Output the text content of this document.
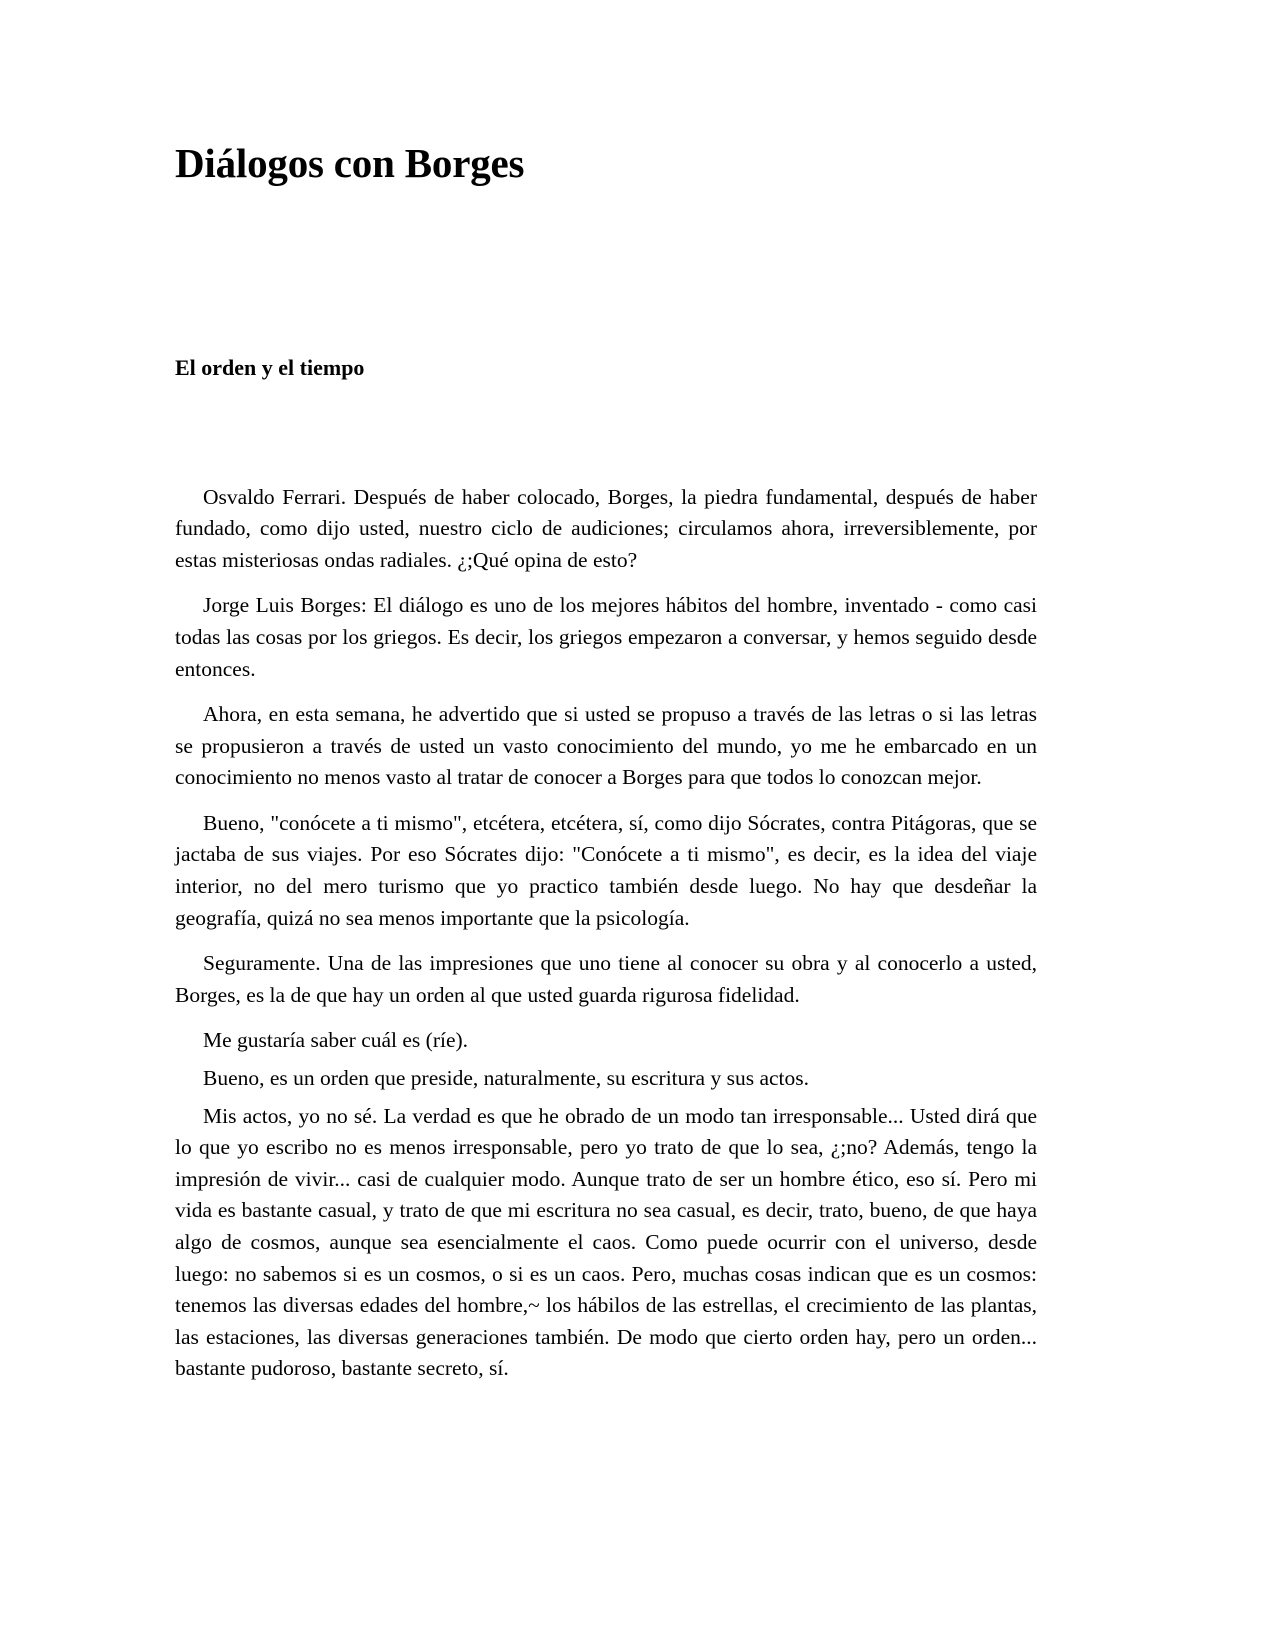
Diálogos con Borges
El orden y el tiempo

Osvaldo Ferrari. Después de haber colocado, Borges, la piedra fundamental, después de haber fundado, como dijo usted, nuestro ciclo de audiciones; circulamos ahora, irreversiblemente, por estas misteriosas ondas radiales. ¿;Qué opina de esto?

Jorge Luis Borges: El diálogo es uno de los mejores hábitos del hombre, inventado - como casi todas las cosas por los griegos. Es decir, los griegos empezaron a conversar, y hemos seguido desde entonces.

Ahora, en esta semana, he advertido que si usted se propuso a través de las letras o si las letras se propusieron a través de usted un vasto conocimiento del mundo, yo me he embarcado en un conocimiento no menos vasto al tratar de conocer a Borges para que todos lo conozcan mejor.

Bueno, "conócete a ti mismo", etcétera, etcétera, sí, como dijo Sócrates, contra Pitágoras, que se jactaba de sus viajes. Por eso Sócrates dijo: "Conócete a ti mismo", es decir, es la idea del viaje interior, no del mero turismo que yo practico también desde luego. No hay que desdeñar la geografía, quizá no sea menos importante que la psicología.

Seguramente. Una de las impresiones que uno tiene al conocer su obra y al conocerlo a usted, Borges, es la de que hay un orden al que usted guarda rigurosa fidelidad.

Me gustaría saber cuál es (ríe).

Bueno, es un orden que preside, naturalmente, su escritura y sus actos.

Mis actos, yo no sé. La verdad es que he obrado de un modo tan irresponsable... Usted dirá que lo que yo escribo no es menos irresponsable, pero yo trato de que lo sea, ¿;no? Además, tengo la impresión de vivir... casi de cualquier modo. Aunque trato de ser un hombre ético, eso sí. Pero mi vida es bastante casual, y trato de que mi escritura no sea casual, es decir, trato, bueno, de que haya algo de cosmos, aunque sea esencialmente el caos. Como puede ocurrir con el universo, desde luego: no sabemos si es un cosmos, o si es un caos. Pero, muchas cosas indican que es un cosmos: tenemos las diversas edades del hombre,~ los hábilos de las estrellas, el crecimiento de las plantas, las estaciones, las diversas generaciones también. De modo que cierto orden hay, pero un orden... bastante pudoroso, bastante secreto, sí.
